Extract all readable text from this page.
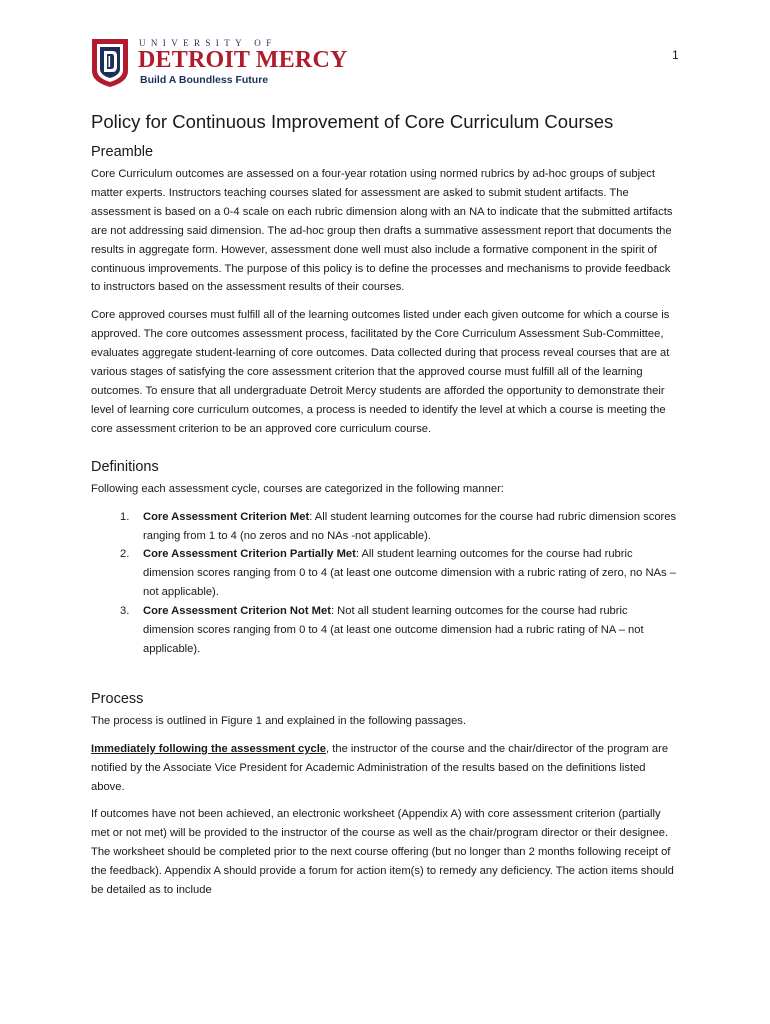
1
UNIVERSITY OF
DETROIT MERCY
Build A Boundless Future
Policy for Continuous Improvement of Core Curriculum Courses
Preamble

Core Curriculum outcomes are assessed on a four-year rotation using normed rubrics by ad-hoc groups of subject matter experts. Instructors teaching courses slated for assessment are asked to submit student artifacts. The assessment is based on a 0-4 scale on each rubric dimension along with an NA to indicate that the submitted artifacts are not addressing said dimension. The ad-hoc group then drafts a summative assessment report that documents the results in aggregate form. However, assessment done well must also include a formative component in the spirit of continuous improvements. The purpose of this policy is to define the processes and mechanisms to provide feedback to instructors based on the assessment results of their courses.

Core approved courses must fulfill all of the learning outcomes listed under each given outcome for which a course is approved. The core outcomes assessment process, facilitated by the Core Curriculum Assessment Sub-Committee, evaluates aggregate student-learning of core outcomes. Data collected during that process reveal courses that are at various stages of satisfying the core assessment criterion that the approved course must fulfill all of the learning outcomes. To ensure that all undergraduate Detroit Mercy students are afforded the opportunity to demonstrate their level of learning core curriculum outcomes, a process is needed to identify the level at which a course is meeting the core assessment criterion to be an approved core curriculum course.

Definitions

Following each assessment cycle, courses are categorized in the following manner:

1. Core Assessment Criterion Met: All student learning outcomes for the course had rubric dimension scores ranging from 1 to 4 (no zeros and no NAs -not applicable).
2. Core Assessment Criterion Partially Met: All student learning outcomes for the course had rubric dimension scores ranging from 0 to 4 (at least one outcome dimension with a rubric rating of zero, no NAs – not applicable).
3. Core Assessment Criterion Not Met: Not all student learning outcomes for the course had rubric dimension scores ranging from 0 to 4 (at least one outcome dimension had a rubric rating of NA – not applicable).
Process

The process is outlined in Figure 1 and explained in the following passages.

Immediately following the assessment cycle, the instructor of the course and the chair/director of the program are notified by the Associate Vice President for Academic Administration of the results based on the definitions listed above.

If outcomes have not been achieved, an electronic worksheet (Appendix A) with core assessment criterion (partially met or not met) will be provided to the instructor of the course as well as the chair/program director or their designee. The worksheet should be completed prior to the next course offering (but no longer than 2 months following receipt of the feedback). Appendix A should provide a forum for action item(s) to remedy any deficiency. The action items should be detailed as to include
